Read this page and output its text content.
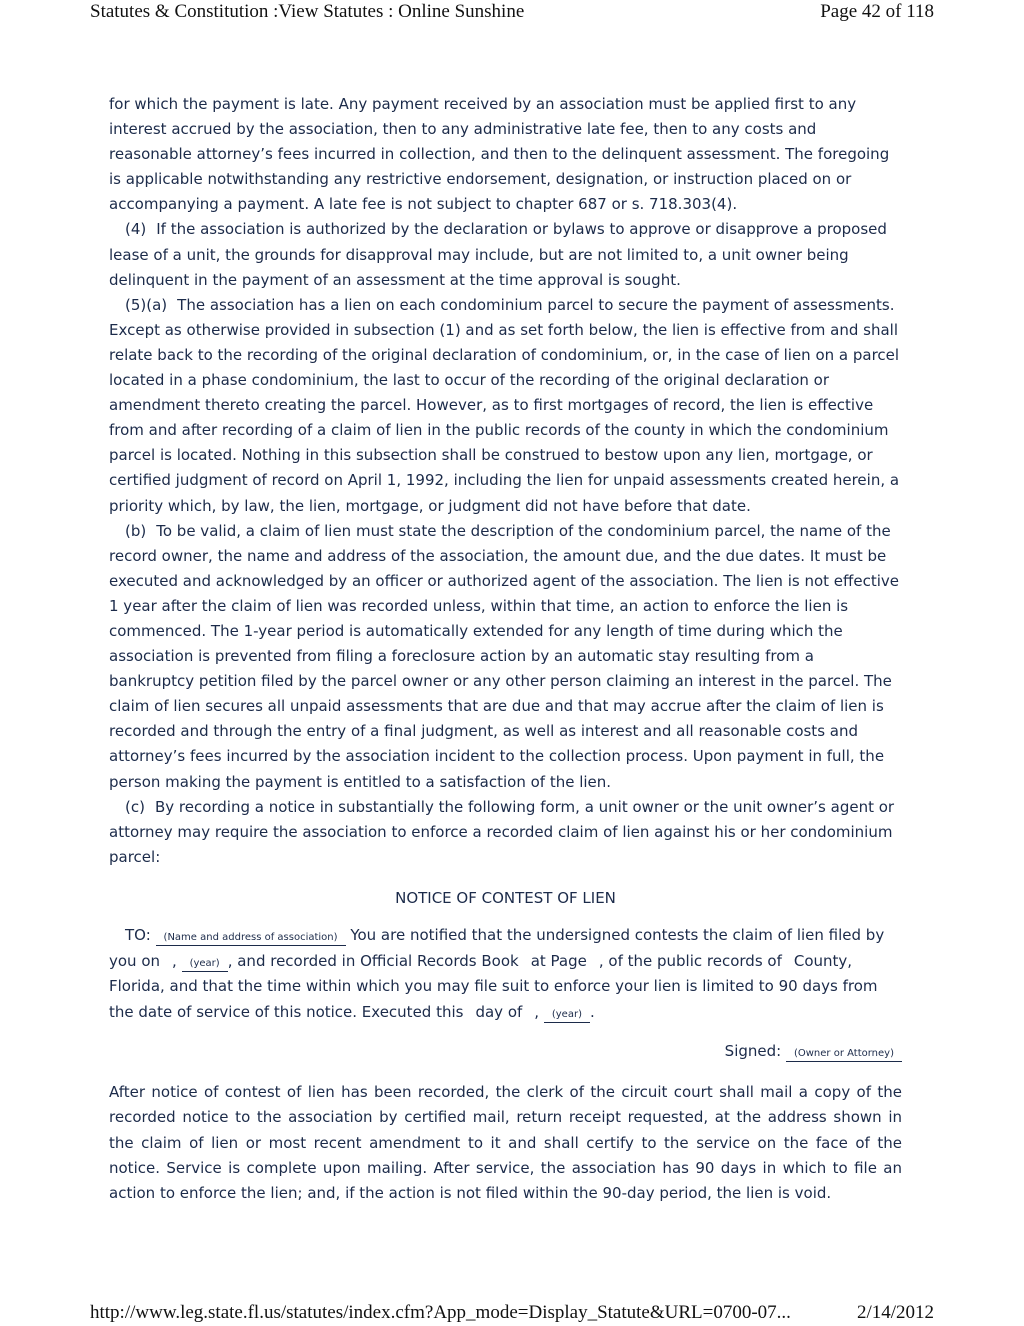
Statutes & Constitution :View Statutes : Online Sunshine	Page 42 of 118

for which the payment is late. Any payment received by an association must be applied first to any interest accrued by the association, then to any administrative late fee, then to any costs and reasonable attorney’s fees incurred in collection, and then to the delinquent assessment. The foregoing is applicable notwithstanding any restrictive endorsement, designation, or instruction placed on or accompanying a payment. A late fee is not subject to chapter 687 or s. 718.303(4).

(4) If the association is authorized by the declaration or bylaws to approve or disapprove a proposed lease of a unit, the grounds for disapproval may include, but are not limited to, a unit owner being delinquent in the payment of an assessment at the time approval is sought.

(5)(a) The association has a lien on each condominium parcel to secure the payment of assessments. Except as otherwise provided in subsection (1) and as set forth below, the lien is effective from and shall relate back to the recording of the original declaration of condominium, or, in the case of lien on a parcel located in a phase condominium, the last to occur of the recording of the original declaration or amendment thereto creating the parcel. However, as to first mortgages of record, the lien is effective from and after recording of a claim of lien in the public records of the county in which the condominium parcel is located. Nothing in this subsection shall be construed to bestow upon any lien, mortgage, or certified judgment of record on April 1, 1992, including the lien for unpaid assessments created herein, a priority which, by law, the lien, mortgage, or judgment did not have before that date.

(b) To be valid, a claim of lien must state the description of the condominium parcel, the name of the record owner, the name and address of the association, the amount due, and the due dates. It must be executed and acknowledged by an officer or authorized agent of the association. The lien is not effective 1 year after the claim of lien was recorded unless, within that time, an action to enforce the lien is commenced. The 1-year period is automatically extended for any length of time during which the association is prevented from filing a foreclosure action by an automatic stay resulting from a bankruptcy petition filed by the parcel owner or any other person claiming an interest in the parcel. The claim of lien secures all unpaid assessments that are due and that may accrue after the claim of lien is recorded and through the entry of a final judgment, as well as interest and all reasonable costs and attorney’s fees incurred by the association incident to the collection process. Upon payment in full, the person making the payment is entitled to a satisfaction of the lien.

(c) By recording a notice in substantially the following form, a unit owner or the unit owner’s agent or attorney may require the association to enforce a recorded claim of lien against his or her condominium parcel:

NOTICE OF CONTEST OF LIEN
TO: (Name and address of association) You are notified that the undersigned contests the claim of lien filed by you on , (year) , and recorded in Official Records Book at Page , of the public records of County, Florida, and that the time within which you may file suit to enforce your lien is limited to 90 days from the date of service of this notice. Executed this day of , (year) .
Signed: (Owner or Attorney)

After notice of contest of lien has been recorded, the clerk of the circuit court shall mail a copy of the recorded notice to the association by certified mail, return receipt requested, at the address shown in the claim of lien or most recent amendment to it and shall certify to the service on the face of the notice. Service is complete upon mailing. After service, the association has 90 days in which to file an action to enforce the lien; and, if the action is not filed within the 90-day period, the lien is void.

http://www.leg.state.fl.us/statutes/index.cfm?App_mode=Display_Statute&URL=0700-07...	2/14/2012
